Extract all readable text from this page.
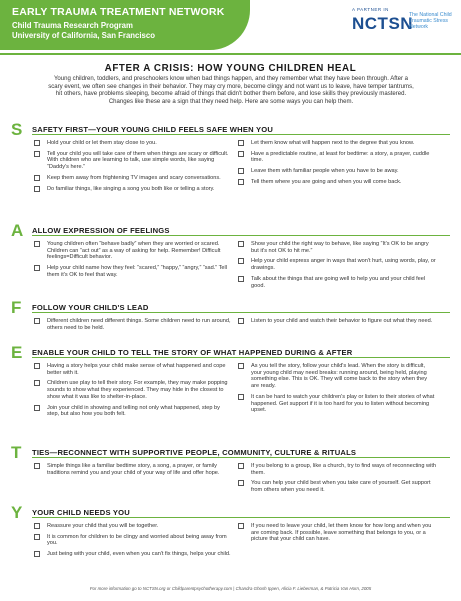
EARLY TRAUMA TREATMENT NETWORK
Child Trauma Research Program
University of California, San Francisco
A PARTNER IN
NCTSN
The National Child Traumatic Stress Network
AFTER A CRISIS: HOW YOUNG CHILDREN HEAL
Young children, toddlers, and preschoolers know when bad things happen, and they remember what they have been through. After a scary event, we often see changes in their behavior. They may cry more, become clingy and not want us to leave, have temper tantrums, hit others, have problems sleeping, become afraid of things that didn't bother them before, and lose skills they previously mastered. Changes like these are a sign that they need help. Here are some ways you can help them.
S SAFETY FIRST—YOUR YOUNG CHILD FEELS SAFE WHEN YOU
Hold your child or let them stay close to you.
Tell your child you will take care of them when things are scary or difficult. With children who are learning to talk, use simple words, like saying “Daddy's here.”
Keep them away from frightening TV images and scary conversations.
Do familiar things, like singing a song you both like or telling a story.
Let them know what will happen next to the degree that you know.
Have a predictable routine, at least for bedtime: a story, a prayer, cuddle time.
Leave them with familiar people when you have to be away.
Tell them where you are going and when you will come back.
A ALLOW EXPRESSION OF FEELINGS
Young children often “behave badly” when they are worried or scared. Children can “act out” as a way of asking for help. Remember! Difficult feelings=Difficult behavior.
Help your child name how they feel: “scared,” “happy,” “angry,” “sad.” Tell them it's OK to feel that way.
Show your child the right way to behave, like saying “It's OK to be angry but it's not OK to hit me.”
Help your child express anger in ways that won't hurt, using words, play, or drawings.
Talk about the things that are going well to help you and your child feel good.
F FOLLOW YOUR CHILD'S LEAD
Different children need different things. Some children need to run around, others need to be held.
Listen to your child and watch their behavior to figure out what they need.
E ENABLE YOUR CHILD TO TELL THE STORY OF WHAT HAPPENED DURING & AFTER
Having a story helps your child make sense of what happened and cope better with it.
Children use play to tell their story. For example, they may make popping sounds to show what they experienced. They may hide in the closest to show what it was like to shelter-in-place.
Join your child in showing and telling not only what happened, step by step, but also how you both felt.
As you tell the story, follow your child's lead. When the story is difficult, your young child may need breaks: running around, being held, playing something else. This is OK. They will come back to the story when they are ready.
It can be hard to watch your children's play or listen to their stories of what happened. Get support if it is too hard for you to listen without becoming upset.
T TIES—RECONNECT WITH SUPPORTIVE PEOPLE, COMMUNITY, CULTURE & RITUALS
Simple things like a familiar bedtime story, a song, a prayer, or family traditions remind you and your child of your way of life and offer hope.
If you belong to a group, like a church, try to find ways of reconnecting with them.
You can help your child best when you take care of yourself. Get support from others when you need it.
Y YOUR CHILD NEEDS YOU
Reassure your child that you will be together.
It is common for children to be clingy and worried about being away from you.
Just being with your child, even when you can't fix things, helps your child.
If you need to leave your child, let them know for how long and when you are coming back. If possible, leave something that belongs to you, or a picture that your child can have.
For more information go to NCTSN.org or Childparentpsychotherapy.com | Chandra Ghosh Ippen, Alicia F. Lieberman, & Patricia Van Horn, 2005
